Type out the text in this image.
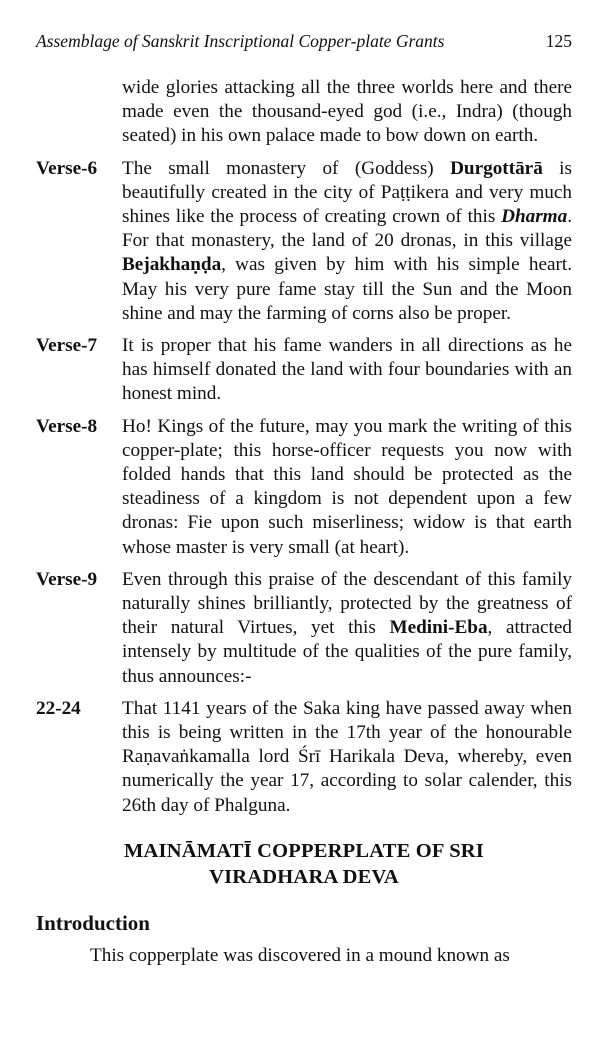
Assemblage of Sanskrit Inscriptional Copper-plate Grants	125
wide glories attacking all the three worlds here and there made even the thousand-eyed god (i.e., Indra) (though seated) in his own palace made to bow down on earth.
Verse-6	The small monastery of (Goddess) Durgottārā is beautifully created in the city of Paṭṭikera and very much shines like the process of creating crown of this Dharma. For that monastery, the land of 20 dronas, in this village Bejakhaṇḍa, was given by him with his simple heart. May his very pure fame stay till the Sun and the Moon shine and may the farming of corns also be proper.
Verse-7	It is proper that his fame wanders in all directions as he has himself donated the land with four boundaries with an honest mind.
Verse-8	Ho! Kings of the future, may you mark the writing of this copper-plate; this horse-officer requests you now with folded hands that this land should be protected as the steadiness of a kingdom is not dependent upon a few dronas: Fie upon such miserliness; widow is that earth whose master is very small (at heart).
Verse-9	Even through this praise of the descendant of this family naturally shines brilliantly, protected by the greatness of their natural Virtues, yet this Medini-Eba, attracted intensely by multitude of the qualities of the pure family, thus announces:-
22-24	That 1141 years of the Saka king have passed away when this is being written in the 17th year of the honourable Raṇavaṅkamalla lord Śrī Harikala Deva, whereby, even numerically the year 17, according to solar calender, this 26th day of Phalguna.
MAINĀMATĪ COPPERPLATE OF SRI
VIRADHARA DEVA
Introduction
This copperplate was discovered in a mound known as
